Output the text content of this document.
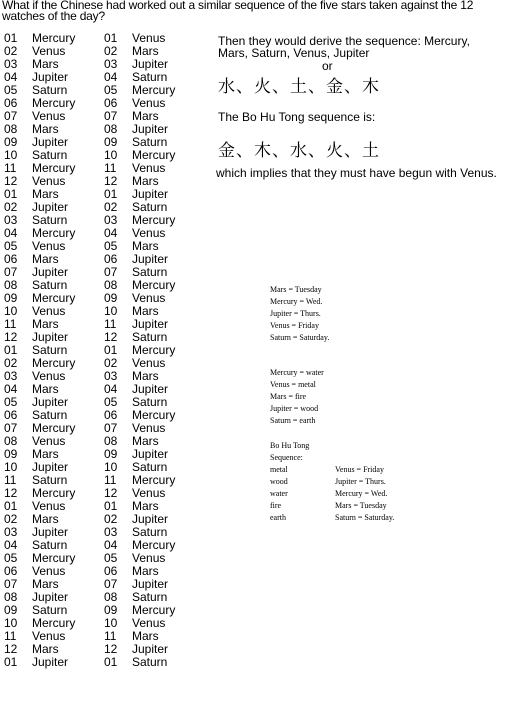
What if the Chinese had worked out a similar sequence of the five stars taken against the 12 watches of the day?
01 Mercury
02 Venus
03 Mars
04 Jupiter
05 Saturn
06 Mercury
07 Venus
08 Mars
09 Jupiter
10 Saturn
11 Mercury
12 Venus
01 Mars
02 Jupiter
03 Saturn
04 Mercury
05 Venus
06 Mars
07 Jupiter
08 Saturn
09 Mercury
10 Venus
11 Mars
12 Jupiter
01 Saturn
02 Mercury
03 Venus
04 Mars
05 Jupiter
06 Saturn
07 Mercury
08 Venus
09 Mars
10 Jupiter
11 Saturn
12 Mercury
01 Venus
02 Mars
03 Jupiter
04 Saturn
05 Mercury
06 Venus
07 Mars
08 Jupiter
09 Saturn
10 Mercury
11 Venus
12 Mars
01 Jupiter
01 Venus
02 Mars
03 Jupiter
04 Saturn
05 Mercury
06 Venus
07 Mars
08 Jupiter
09 Saturn
10 Mercury
11 Venus
12 Mars
01 Jupiter
02 Saturn
03 Mercury
04 Venus
05 Mars
06 Jupiter
07 Saturn
08 Mercury
09 Venus
10 Mars
11 Jupiter
12 Saturn
01 Mercury
02 Venus
03 Mars
04 Jupiter
05 Saturn
06 Mercury
07 Venus
08 Mars
09 Jupiter
10 Saturn
11 Mercury
12 Venus
01 Mars
02 Jupiter
03 Saturn
04 Mercury
05 Venus
06 Mars
07 Jupiter
08 Saturn
09 Mercury
10 Venus
11 Mars
12 Jupiter
01 Saturn
Then they would derive the sequence: Mercury, Mars, Saturn, Venus, Jupiter
or
水、火、土、金、木
The Bo Hu Tong sequence is:
金、木、水、火、土
which implies that they must have begun with Venus.
Mars = Tuesday
Mercury = Wed.
Jupiter = Thurs.
Venus = Friday
Saturn = Saturday.
Mercury = water
Venus = metal
Mars = fire
Jupiter = wood
Saturn = earth
Bo Hu Tong
Sequence:
metal
wood
water
fire
earth
Venus = Friday
Jupiter = Thurs.
Mercury = Wed.
Mars = Tuesday
Saturn = Saturday.
